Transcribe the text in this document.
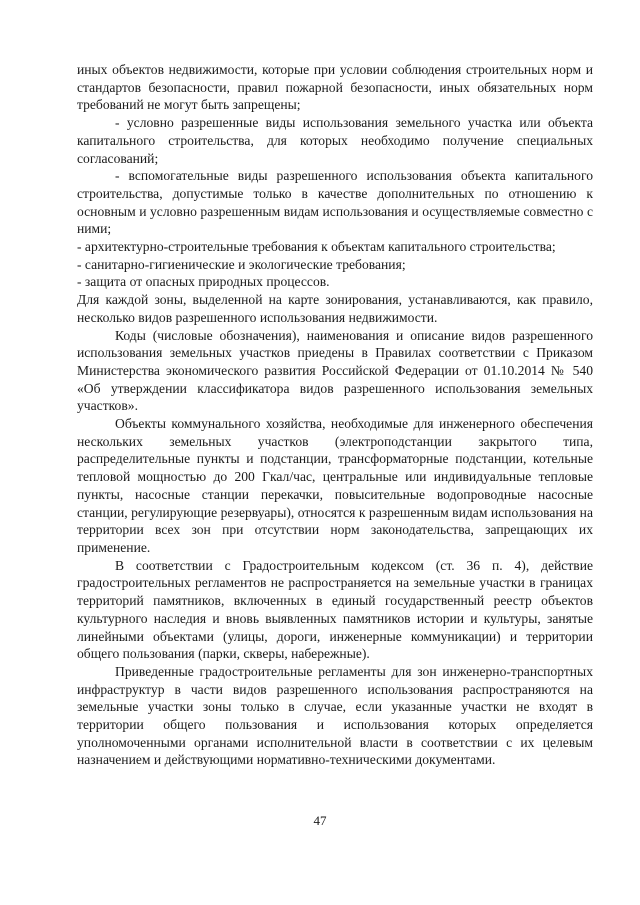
иных объектов недвижимости, которые при условии соблюдения строительных норм и стандартов безопасности, правил пожарной безопасности, иных обязательных норм требований не могут быть запрещены;

- условно разрешенные виды использования земельного участка или объекта капитального строительства, для которых необходимо получение специальных согласований;

- вспомогательные виды разрешенного использования объекта капитального строительства, допустимые только в качестве дополнительных по отношению к основным и условно разрешенным видам использования и осуществляемые совместно с ними;

- архитектурно-строительные требования к объектам капитального строительства;

- санитарно-гигиенические и экологические требования;

- защита от опасных природных процессов.

Для каждой зоны, выделенной на карте зонирования, устанавливаются, как правило, несколько видов разрешенного использования недвижимости.

Коды (числовые обозначения), наименования и описание видов разрешенного использования земельных участков приедены в Правилах соответствии с Приказом Министерства экономического развития Российской Федерации от 01.10.2014 № 540 «Об утверждении классификатора видов разрешенного использования земельных участков».

Объекты коммунального хозяйства, необходимые для инженерного обеспечения нескольких земельных участков (электроподстанции закрытого типа, распределительные пункты и подстанции, трансформаторные подстанции, котельные тепловой мощностью до 200 Гкал/час, центральные или индивидуальные тепловые пункты, насосные станции перекачки, повысительные водопроводные насосные станции, регулирующие резервуары), относятся к разрешенным видам использования на территории всех зон при отсутствии норм законодательства, запрещающих их применение.

В соответствии с Градостроительным кодексом (ст. 36 п. 4), действие градостроительных регламентов не распространяется на земельные участки в границах территорий памятников, включенных в единый государственный реестр объектов культурного наследия и вновь выявленных памятников истории и культуры, занятые линейными объектами (улицы, дороги, инженерные коммуникации) и территории общего пользования (парки, скверы, набережные).

Приведенные градостроительные регламенты для зон инженерно-транспортных инфраструктур в части видов разрешенного использования распространяются на земельные участки зоны только в случае, если указанные участки не входят в территории общего пользования и использования которых определяется уполномоченными органами исполнительной власти в соответствии с их целевым назначением и действующими нормативно-техническими документами.

47
